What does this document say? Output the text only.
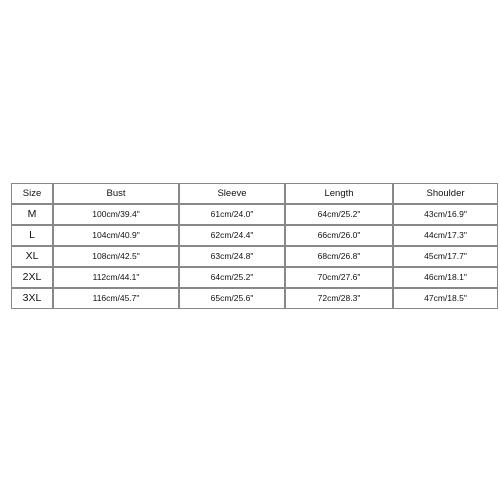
Size	Bust	Sleeve	Length	Shoulder
M	100cm/39.4"	61cm/24.0"	64cm/25.2"	43cm/16.9"
L	104cm/40.9"	62cm/24.4"	66cm/26.0"	44cm/17.3"
XL	108cm/42.5"	63cm/24.8"	68cm/26.8"	45cm/17.7"
2XL	112cm/44.1"	64cm/25.2"	70cm/27.6"	46cm/18.1"
3XL	116cm/45.7"	65cm/25.6"	72cm/28.3"	47cm/18.5"
